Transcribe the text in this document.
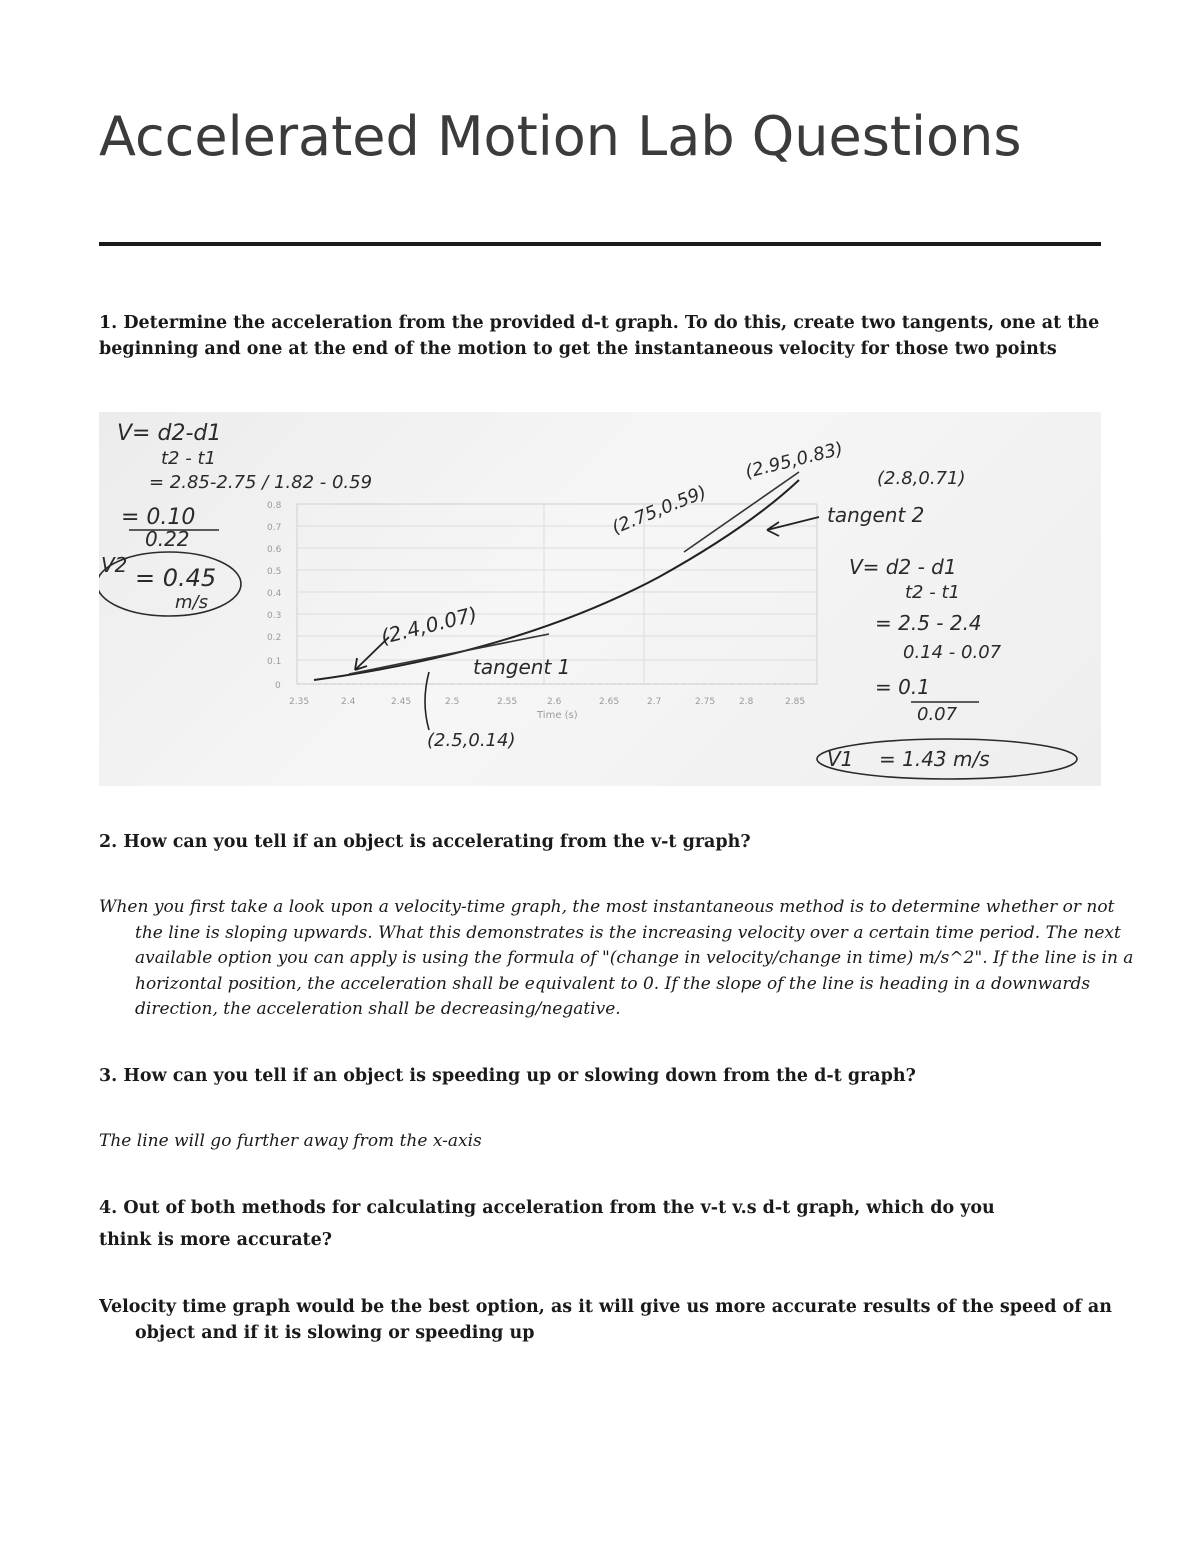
Accelerated Motion Lab Questions

1. Determine the acceleration from the provided d-t graph. To do this, create two tangents, one at the beginning and one at the end of the motion to get the instantaneous velocity for those two points

0.8
0.7
0.6
0.5
0.4
0.3
0.2
0.1
0
2.35	2.4	2.45	2.5	2.55	2.6	2.65	2.7	2.75	2.8	2.85
Time (s)
V= d2-d1
t2 - t1
= 2.85-2.75 / 1.82 - 0.59
= 0.10
0.22
V2 = 0.45
m/s
(2.95,0.83) (2.8,0.71)
(2.75,0.59)
(2.4,0.07)
(2.5,0.14)
tangent 2
tangent 1
V= d2 - d1
t2 - t1
= 2.5 - 2.4
0.14 - 0.07
= 0.1
0.07
V1 = 1.43 m/s

2. How can you tell if an object is accelerating from the v-t graph?

When you first take a look upon a velocity-time graph, the most instantaneous method is to determine whether or not the line is sloping upwards. What this demonstrates is the increasing velocity over a certain time period. The next available option you can apply is using the formula of "(change in velocity/change in time) m/s^2". If the line is in a horizontal position, the acceleration shall be equivalent to 0. If the slope of the line is heading in a downwards direction, the acceleration shall be decreasing/negative.

3. How can you tell if an object is speeding up or slowing down from the d-t graph?

The line will go further away from the x-axis

4. Out of both methods for calculating acceleration from the v-t v.s d-t graph, which do you

think is more accurate?

Velocity time graph would be the best option, as it will give us more accurate results of the speed of an object and if it is slowing or speeding up
